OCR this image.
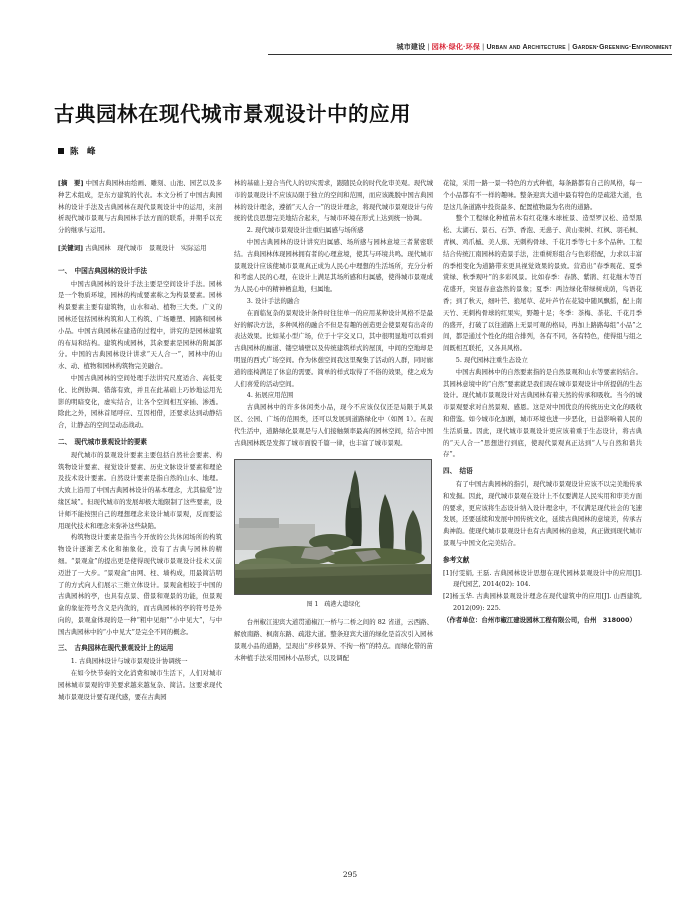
城市建设 | 园林·绿化·环保 | Urban and Architecture | Garden·Greening·Environment
古典园林在现代城市景观设计中的应用
陈　峰

[摘　要] 中国古典园林由绘画、雕刻、山池、园艺以及多种艺术组成，是东方建筑的代表。本文分析了中国古典园林的设计手法及古典园林在现代景观设计中的运用，来剖析现代城市景观与古典园林手法方面的联系，并期乎以充分的继承与运用。

[关键词] 古典园林　现代城市　景观设计　实际运用

一、　中国古典园林的设计手法

中国古典园林的设计手法主要是空间设计手法。园林是一个物质环境，园林的构成要素称之为构景要素。园林构景要素主要有建筑物，山水和动、植物三大类。广义的园林还包括园林构筑和人工构筑、广场雕塑、园路和园林小品。中国古典园林在建造的过程中，讲究的是园林建筑的布局和结构。建筑构成园林，其余要素是园林的附属部分。中国的古典园林设计讲求“天人合一”，园林中的山水、动、植物和园林构筑物完美融合。

中国古典园林的空间处理手法讲究尺度适合、高低变化、比例协调、错落有致，并且在此基础上巧妙地运用光影的明暗变化，虚实结合，让各个空间相互穿插、渗透。除此之外，园林首尾呼应、互因相借，还要求达到动静结合，让静态的空间呈动态战动。

二、　现代城市景观设计的要素

现代城市的景观设计要素主要包括自然社会要素、构筑物设计要素、视觉设计要素、历史文脉设计要素和理论及技术设计要素。自然设计要素是指自然的山水、地理。大致上沿用了中国古典园林设计的基本理念，尤其偏爱“边缘区域”。但现代城市的发展却极大地限制了这些要素，设计师不能按照自己的理想理念来设计城市景观，反而要运用现代技术和理念来弥补这些缺陷。

构筑物设计要素是指当今开放的公共休闲场所的构筑物设计逐渐艺术化和抽象化，没有了古典与园林的精细。“景观盒”的提出更是使得现代城市景观设计技术又前迈进了一大步。“景观盒”由网、柱、墙构成，用最简洁明了的方式向人们展示三维立体设计。景观盒相较于中国的古典园林的亭，也具有点景、借景和观景的功能，但景观盒的象征符号含义是内敛的，而古典园林的亭的符号是外向的，景观盒体现的是一种“粗中见细”“小中见大”，与中国古典园林中的“小中见大”是完全不同的概念。

三、　古典园林在现代景观设计上的运用

1. 古典园林设计与城市景观设计协调统一

在如今快节奏的文化消费和城市生活下，人们对城市园林城市景观的审美要求越来越复杂、简洁。这要求现代城市景观设计要有现代感，要在古典园

林的基础上迎合当代人的切实需求，跟随民众的时代化审美观。现代城市的景观设计不应该局限于独立的空间和范围，而应该跳脱中国古典园林的设计理念，遵循“天人合一”的设计理念，将现代城市景观设计与传统的优良思想完美地结合起来，与城市环境在形式上达到统一协调。

2. 现代城市景观设计注重归属感与场所感

中国古典园林的设计讲究归属感、场所感与园林意境三者紧密联结。古典园林体现园林拥有者的心理意境，使其与环境共鸣。现代城市景观设计应该使城市景观真正成为人民心中理想的生活场所，充分分析和考虑人民的心理，在设计上满足其场所感和归属感，使得城市景观成为人民心中的精神栖息地，归属地。

3. 设计手法的融合

在面临复杂的景观设计条件时往往单一的应用某种设计风格不是最好的解决方法，多种风格的融合不但是有趣的创造更会使景观有出奇的表达效果。比如某小型广场，位于十字交叉口，其中很明显地可以看到古典园林的廊道、镂空墙壁以及传统建筑样式的屋顶，中间的空地却是明显的西式广场空间。作为休憩空间我这里聚集了活动的人群，同时廊道的座椅满足了休息的需要。简单的样式取得了不俗的效果，使之成为人们喜爱的活动空间。

4. 拓展应用范围

古典园林中的许多休闲类小品，现今不应该仅仅还是局限于风景区、公园、广场的范围类，还可以发展到道路绿化中（如图 1）。在现代生活中，道路绿化景观是与人们接触频率最高的园林空间，结合中国古典园林既是发挥了城市面貌千篇一律，也丰富了城市景观。

图 1　疏港大道绿化

台州椒江迎宾大道贯通椒江一桥与二桥之间的 82 省道，云西路、解放南路、枫南东路、疏港大道。整条迎宾大道的绿化是首次引入园林景观小品的道路，呈现出“步移景异、不拘一格”的特点。而绿化带的苗木种植手法采用园林小品形式，以及调配

花镜，采用一路一景一特色的方式种植，每条路都有自己的风格，每一个小品都有不一样的趣味。整条迎宾大道中最有特色的是疏港大道，也是这几条道路中投资最多、配置植物最为名贵的道路。

整个工程绿化种植苗木有红花继木球桩景、造型罗汉松、造型黑松、太湖石、景石、石笋、香泡、无患子、黄山栾树、红枫、羽毛枫、青枫、鸡爪槭、美人蕉、无刺构骨球、千花月季等七十多个品种。工程结合传统江南园林的造景手法，注重树形组合与色彩搭配，力求以丰富的季相变化为道路带来更具视觉效果的景致。营造出“春季观花、夏季赏绿、秋季观叶”的多彩风景。比如春季：春鹃、紫鹃、红花继木等百花盛开，突显春意盎然的景象；夏季：两边绿化带绿树成荫，鸟语花香；到了秋天，细叶芒、狼尾草、花叶芦竹在花镜中随风飘摇，配上南天竹、无刺构骨球的红果实，野趣十足；冬季：茶梅、茶花、千花月季的盛开，打破了以往道路上无景可观的格局，再加上路路每组“小品”之间，都是通过个性化的组合排列，各有不同，各有特色，使得组与组之间既相互联托，又各具风格。

5. 现代园林注重生态设立

中国古典园林中的自然要素指的是自然景观和山水等要素的结合。其园林意境中的“自然”要素就是我们现在城市景观设计中所提倡的生态设计。现代城市景观设计对古典园林有着天然的传承和吸收。当今的城市景观要求对自然景观、感恩。这是对中国优良的传统历史文化的吸收和借鉴。如今城市化加剧，城市环境也进一步恶化，日益影响着人民的生活质量。因此，现代城市景观设计更应该着重于生态设计，将古典的“天人合一”思想进行到底，使现代景观真正达到“人与自然和谐共存”。

四、　结语

有了中国古典园林的指引，现代城市景观设计应该不以完美地传承和发掘。因此，现代城市景观在设计上不仅要满足人民实用和审美方面的要求，更应该将生态设计纳入设计理念中，不仅满足现代社会的飞速发展，还要延续和发展中国传统文化，延续古典园林的意境美，传承古典神韵。使现代城市景观设计也有古典园林的意境，真正做到现代城市景观与中国文化完美结合。

参考文献

[1]付雯娟, 王磊. 古典园林设计思想在现代园林景观设计中的应用[J]. 现代园艺, 2014(02): 104.

[2]杨玉华. 古典园林景观设计理念在现代建筑中的应用[J]. 山西建筑, 2012(09): 225.

（作者单位：台州市椒江建设园林工程有限公司，台州　318000）

295
